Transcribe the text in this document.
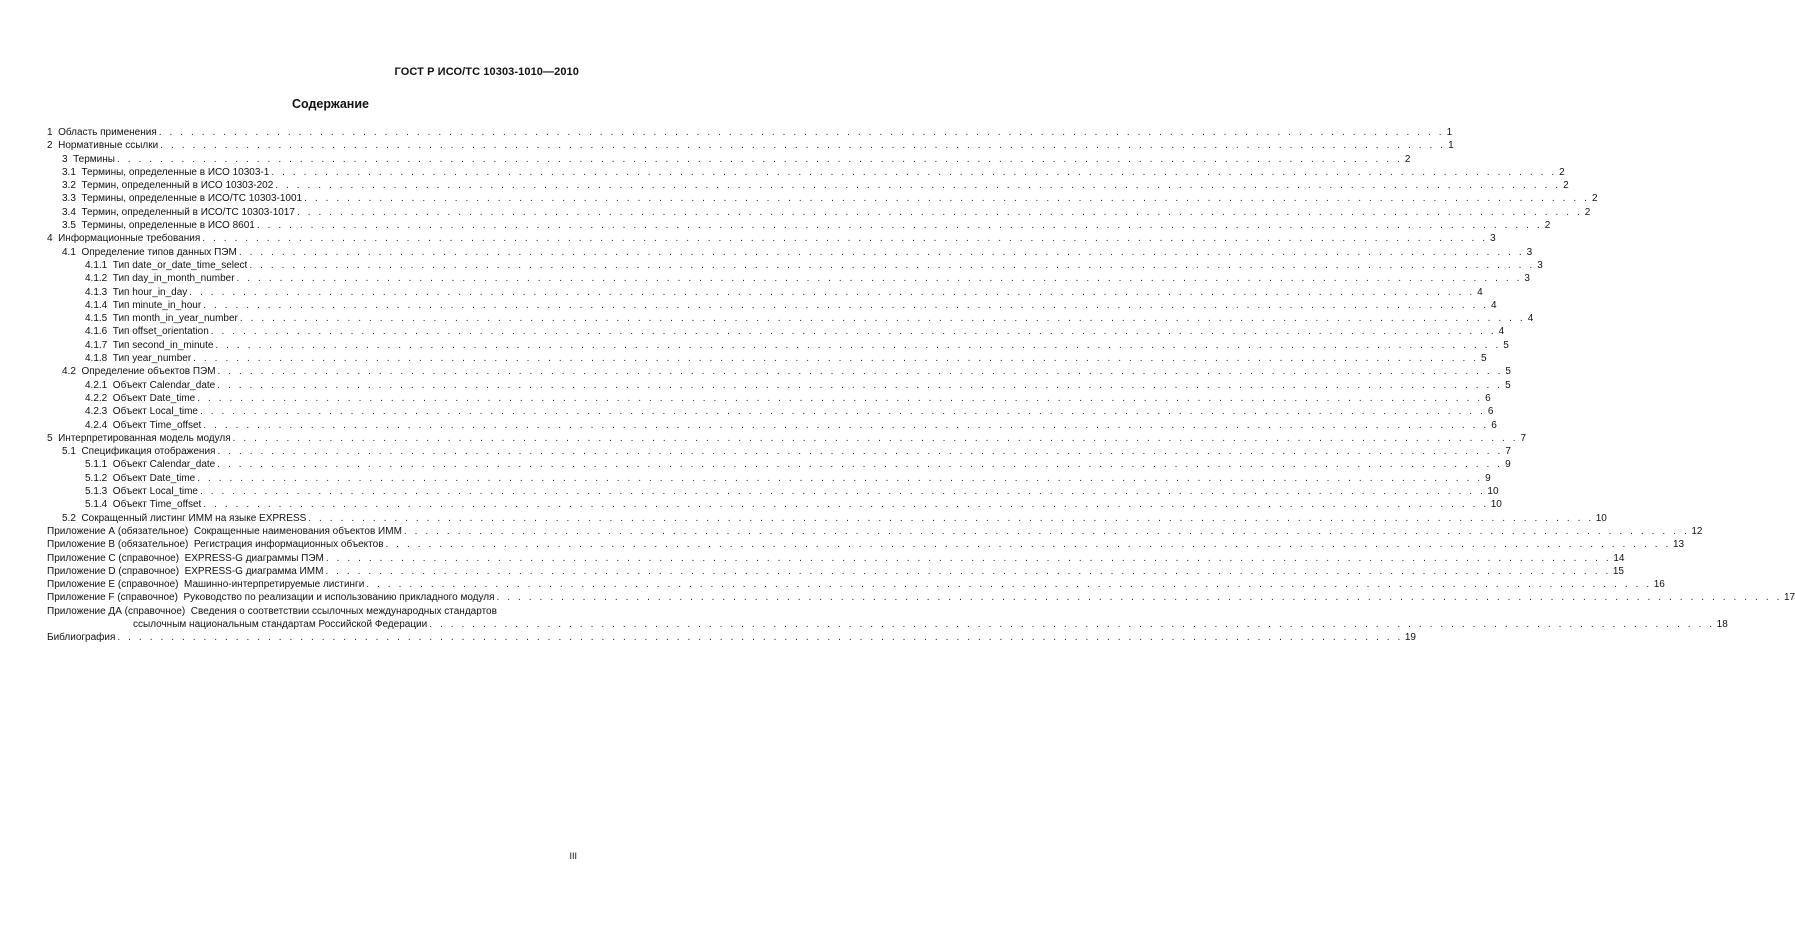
ГОСТ Р ИСО/ТС 10303-1010—2010
Содержание
1  Область применения . . . . . . . . . . . . . . . . . . . . . . . . . . . . . . . . . . . . . . . . . . . . . . . . . . . . . . . . . . . . . . . . . . . . . . . . . . . . . . . . . . . . . . . . . . . . . . . . . . . . . . . . . . . . . . . . . . . . . . . . 1
2  Нормативные ссылки . . . . . . . . . . . . . . . . . . . . . . . . . . . . . . . . . . . . . . . . . . . . . . . . . . . . . . . . . . . . . . . . . . . . . . . . . . . . . . . . . . . . . . . . . . . . . . . . . . . . . . . . . . . . . . . . . . . . . . . . 1
3  Термины . . . . . . . . . . . . . . . . . . . . . . . . . . . . . . . . . . . . . . . . . . . . . . . . . . . . . . . . . . . . . . . . . . . . . . . . . . . . . . . . . . . . . . . . . . . . . . . . . . . . . . . . . . . . . . . . . . . . . . . . 2
3.1  Термины, определенные в ИСО 10303-1 . . . . . . . . . . . . . . . . . . . . . . . . . . . . . . . . . . . . . . . . . . . . . . . . . . . . . . . . . . . . . . . . . . . . . . . . . . . . . . . . . . . . . . . . . . . . . . . . . . . . . . . . . . . . . . . . . . . . . . . . 2
3.2  Термин, определенный в ИСО 10303-202 . . . . . . . . . . . . . . . . . . . . . . . . . . . . . . . . . . . . . . . . . . . . . . . . . . . . . . . . . . . . . . . . . . . . . . . . . . . . . . . . . . . . . . . . . . . . . . . . . . . . . . . . . . . . . . . . . . . . . . . . 2
3.3  Термины, определенные в ИСО/ТС 10303-1001 . . . . . . . . . . . . . . . . . . . . . . . . . . . . . . . . . . . . . . . . . . . . . . . . . . . . . . . . . . . . . . . . . . . . . . . . . . . . . . . . . . . . . . . . . . . . . . . . . . . . . . . . . . . . . . . . . . . . . . . . 2
3.4  Термин, определенный в ИСО/ТС 10303-1017 . . . . . . . . . . . . . . . . . . . . . . . . . . . . . . . . . . . . . . . . . . . . . . . . . . . . . . . . . . . . . . . . . . . . . . . . . . . . . . . . . . . . . . . . . . . . . . . . . . . . . . . . . . . . . . . . . . . . . . . . 2
3.5  Термины, определенные в ИСО 8601 . . . . . . . . . . . . . . . . . . . . . . . . . . . . . . . . . . . . . . . . . . . . . . . . . . . . . . . . . . . . . . . . . . . . . . . . . . . . . . . . . . . . . . . . . . . . . . . . . . . . . . . . . . . . . . . . . . . . . . . . 2
4  Информационные требования . . . . . . . . . . . . . . . . . . . . . . . . . . . . . . . . . . . . . . . . . . . . . . . . . . . . . . . . . . . . . . . . . . . . . . . . . . . . . . . . . . . . . . . . . . . . . . . . . . . . . . . . . . . . . . . . . . . . . . . . 3
4.1  Определение типов данных ПЭМ . . . . . . . . . . . . . . . . . . . . . . . . . . . . . . . . . . . . . . . . . . . . . . . . . . . . . . . . . . . . . . . . . . . . . . . . . . . . . . . . . . . . . . . . . . . . . . . . . . . . . . . . . . . . . . . . . . . . . . . . 3
4.1.1  Тип date_or_date_time_select . . . . . . . . . . . . . . . . . . . . . . . . . . . . . . . . . . . . . . . . . . . . . . . . . . . . . . . . . . . . . . . . . . . . . . . . . . . . . . . . . . . . . . . . . . . . . . . . . . . . . . . . . . . . . . . . . . . . . . . . 3
4.1.2  Тип day_in_month_number . . . . . . . . . . . . . . . . . . . . . . . . . . . . . . . . . . . . . . . . . . . . . . . . . . . . . . . . . . . . . . . . . . . . . . . . . . . . . . . . . . . . . . . . . . . . . . . . . . . . . . . . . . . . . . . . . . . . . . . . 3
4.1.3  Тип hour_in_day . . . . . . . . . . . . . . . . . . . . . . . . . . . . . . . . . . . . . . . . . . . . . . . . . . . . . . . . . . . . . . . . . . . . . . . . . . . . . . . . . . . . . . . . . . . . . . . . . . . . . . . . . . . . . . . . . . . . . . . . 4
4.1.4  Тип minute_in_hour . . . . . . . . . . . . . . . . . . . . . . . . . . . . . . . . . . . . . . . . . . . . . . . . . . . . . . . . . . . . . . . . . . . . . . . . . . . . . . . . . . . . . . . . . . . . . . . . . . . . . . . . . . . . . . . . . . . . . . . . 4
4.1.5  Тип month_in_year_number . . . . . . . . . . . . . . . . . . . . . . . . . . . . . . . . . . . . . . . . . . . . . . . . . . . . . . . . . . . . . . . . . . . . . . . . . . . . . . . . . . . . . . . . . . . . . . . . . . . . . . . . . . . . . . . . . . . . . . . . 4
4.1.6  Тип offset_orientation . . . . . . . . . . . . . . . . . . . . . . . . . . . . . . . . . . . . . . . . . . . . . . . . . . . . . . . . . . . . . . . . . . . . . . . . . . . . . . . . . . . . . . . . . . . . . . . . . . . . . . . . . . . . . . . . . . . . . . . . 4
4.1.7  Тип second_in_minute . . . . . . . . . . . . . . . . . . . . . . . . . . . . . . . . . . . . . . . . . . . . . . . . . . . . . . . . . . . . . . . . . . . . . . . . . . . . . . . . . . . . . . . . . . . . . . . . . . . . . . . . . . . . . . . . . . . . . . . . 5
4.1.8  Тип year_number . . . . . . . . . . . . . . . . . . . . . . . . . . . . . . . . . . . . . . . . . . . . . . . . . . . . . . . . . . . . . . . . . . . . . . . . . . . . . . . . . . . . . . . . . . . . . . . . . . . . . . . . . . . . . . . . . . . . . . . . 5
4.2  Определение объектов ПЭМ . . . . . . . . . . . . . . . . . . . . . . . . . . . . . . . . . . . . . . . . . . . . . . . . . . . . . . . . . . . . . . . . . . . . . . . . . . . . . . . . . . . . . . . . . . . . . . . . . . . . . . . . . . . . . . . . . . . . . . . . 5
4.2.1  Объект Calendar_date . . . . . . . . . . . . . . . . . . . . . . . . . . . . . . . . . . . . . . . . . . . . . . . . . . . . . . . . . . . . . . . . . . . . . . . . . . . . . . . . . . . . . . . . . . . . . . . . . . . . . . . . . . . . . . . . . . . . . . . . 5
4.2.2  Объект Date_time . . . . . . . . . . . . . . . . . . . . . . . . . . . . . . . . . . . . . . . . . . . . . . . . . . . . . . . . . . . . . . . . . . . . . . . . . . . . . . . . . . . . . . . . . . . . . . . . . . . . . . . . . . . . . . . . . . . . . . . . 6
4.2.3  Объект Local_time . . . . . . . . . . . . . . . . . . . . . . . . . . . . . . . . . . . . . . . . . . . . . . . . . . . . . . . . . . . . . . . . . . . . . . . . . . . . . . . . . . . . . . . . . . . . . . . . . . . . . . . . . . . . . . . . . . . . . . . . 6
4.2.4  Объект Time_offset . . . . . . . . . . . . . . . . . . . . . . . . . . . . . . . . . . . . . . . . . . . . . . . . . . . . . . . . . . . . . . . . . . . . . . . . . . . . . . . . . . . . . . . . . . . . . . . . . . . . . . . . . . . . . . . . . . . . . . . . 6
5  Интерпретированная модель модуля . . . . . . . . . . . . . . . . . . . . . . . . . . . . . . . . . . . . . . . . . . . . . . . . . . . . . . . . . . . . . . . . . . . . . . . . . . . . . . . . . . . . . . . . . . . . . . . . . . . . . . . . . . . . . . . . . . . . . . . . 7
5.1  Спецификация отображения . . . . . . . . . . . . . . . . . . . . . . . . . . . . . . . . . . . . . . . . . . . . . . . . . . . . . . . . . . . . . . . . . . . . . . . . . . . . . . . . . . . . . . . . . . . . . . . . . . . . . . . . . . . . . . . . . . . . . . . . 7
5.1.1  Объект Calendar_date . . . . . . . . . . . . . . . . . . . . . . . . . . . . . . . . . . . . . . . . . . . . . . . . . . . . . . . . . . . . . . . . . . . . . . . . . . . . . . . . . . . . . . . . . . . . . . . . . . . . . . . . . . . . . . . . . . . . . . . . 9
5.1.2  Объект Date_time . . . . . . . . . . . . . . . . . . . . . . . . . . . . . . . . . . . . . . . . . . . . . . . . . . . . . . . . . . . . . . . . . . . . . . . . . . . . . . . . . . . . . . . . . . . . . . . . . . . . . . . . . . . . . . . . . . . . . . . . 9
5.1.3  Объект Local_time . . . . . . . . . . . . . . . . . . . . . . . . . . . . . . . . . . . . . . . . . . . . . . . . . . . . . . . . . . . . . . . . . . . . . . . . . . . . . . . . . . . . . . . . . . . . . . . . . . . . . . . . . . . . . . . . . . . . . . . . 10
5.1.4  Объект Time_offset . . . . . . . . . . . . . . . . . . . . . . . . . . . . . . . . . . . . . . . . . . . . . . . . . . . . . . . . . . . . . . . . . . . . . . . . . . . . . . . . . . . . . . . . . . . . . . . . . . . . . . . . . . . . . . . . . . . . . . . . 10
5.2  Сокращенный листинг ИММ на языке EXPRESS . . . . . . . . . . . . . . . . . . . . . . . . . . . . . . . . . . . . . . . . . . . . . . . . . . . . . . . . . . . . . . . . . . . . . . . . . . . . . . . . . . . . . . . . . . . . . . . . . . . . . . . . . . . . . . . . . . . . . . . . 10
Приложение А (обязательное)  Сокращенные наименования объектов ИММ . . . . . . . . . . . . . . . . . . . . . . . . . . . . . . . . . . . . . . . . . . . . . . . . . . . . . . . . . . . . . . . . . . . . . . . . . . . . . . . . . . . . . . . . . . . . . . . . . . . . . . . . . . . . . . . . . . . . . . . . 12
Приложение В (обязательное)  Регистрация информационных объектов . . . . . . . . . . . . . . . . . . . . . . . . . . . . . . . . . . . . . . . . . . . . . . . . . . . . . . . . . . . . . . . . . . . . . . . . . . . . . . . . . . . . . . . . . . . . . . . . . . . . . . . . . . . . . . . . . . . . . . . . 13
Приложение С (справочное)  EXPRESS-G диаграммы ПЭМ . . . . . . . . . . . . . . . . . . . . . . . . . . . . . . . . . . . . . . . . . . . . . . . . . . . . . . . . . . . . . . . . . . . . . . . . . . . . . . . . . . . . . . . . . . . . . . . . . . . . . . . . . . . . . . . . . . . . . . . . 14
Приложение D (справочное)  EXPRESS-G диаграмма ИММ . . . . . . . . . . . . . . . . . . . . . . . . . . . . . . . . . . . . . . . . . . . . . . . . . . . . . . . . . . . . . . . . . . . . . . . . . . . . . . . . . . . . . . . . . . . . . . . . . . . . . . . . . . . . . . . . . . . . . . . . 15
Приложение Е (справочное)  Машинно-интерпретируемые листинги . . . . . . . . . . . . . . . . . . . . . . . . . . . . . . . . . . . . . . . . . . . . . . . . . . . . . . . . . . . . . . . . . . . . . . . . . . . . . . . . . . . . . . . . . . . . . . . . . . . . . . . . . . . . . . . . . . . . . . . . 16
Приложение F (справочное)  Руководство по реализации и использованию прикладного модуля . . . . . . . . . . . . . . . . . . . . . . . . . . . . . . . . . . . . . . . . . . . . . . . . . . . . . . . . . . . . . . . . . . . . . . . . . . . . . . . . . . . . . . . . . . . . . . . . . . . . . . . . . . . . . . . . . . . . . . . . 17
Приложение ДА (справочное)  Сведения о соответствии ссылочных международных стандартов
ссылочным национальным стандартам Российской Федерации . . . . . . . . . . . . . . . . . . . . . . . . . . . . . . . . . . . . . . . . . . . . . . . . . . . . . . . . . . . . . . . . . . . . . . . . . . . . . . . . . . . . . . . . . . . . . . . . . . . . . . . . . . . . . . . . . . . . . . . . 18
Библиография . . . . . . . . . . . . . . . . . . . . . . . . . . . . . . . . . . . . . . . . . . . . . . . . . . . . . . . . . . . . . . . . . . . . . . . . . . . . . . . . . . . . . . . . . . . . . . . . . . . . . . . . . . . . . . . . . . . . . . . . 19
III
